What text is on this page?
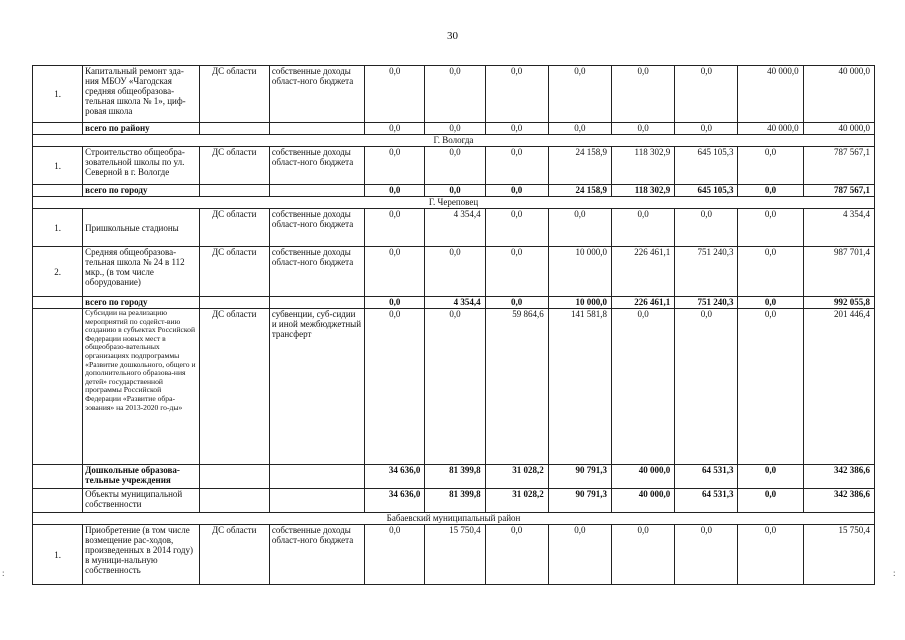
30
:	:
1.	Капитальный ремонт зда-ния МБОУ «Чагодская средняя общеобразова-тельная школа № 1», циф-ровая школа	ДС области	собственные доходы област-ного бюджета	0,0	0,0	0,0	0,0	0,0	0,0	40 000,0	40 000,0
	всего по району			0,0	0,0	0,0	0,0	0,0	0,0	40 000,0	40 000,0
Г. Вологда											
1.	Строительство общеобра-зовательной школы по ул. Северной в г. Вологде	ДС области	собственные доходы област-ного бюджета	0,0	0,0	0,0	24 158,9	118 302,9	645 105,3	0,0	787 567,1
	всего по городу			0,0	0,0	0,0	24 158,9	118 302,9	645 105,3	0,0	787 567,1
Г. Череповец											
1.	Пришкольные стадионы	ДС области	собственные доходы област-ного бюджета	0,0	4 354,4	0,0	0,0	0,0	0,0	0,0	4 354,4
2.	Средняя общеобразова-тельная школа № 24 в 112 мкр., (в том числе оборудование)	ДС области	собственные доходы област-ного бюджета	0,0	0,0	0,0	10 000,0	226 461,1	751 240,3	0,0	987 701,4
	всего по городу			0,0	4 354,4	0,0	10 000,0	226 461,1	751 240,3	0,0	992 055,8
	Субсидии на реализацию мероприятий по содейст-вию созданию в субъектах Российской Федерации новых мест в общеобразо-вательных организациях подпрограммы «Развитие дошкольного, общего и дополнительного образова-ния детей» государственной программы Российской Федерации «Развитие обра-зования» на 2013-2020 го-ды»	ДС области	субвенции, суб-сидии и иной межбюджетный трансферт	0,0	0,0	59 864,6	141 581,8	0,0	0,0	0,0	201 446,4
	Дошкольные образова-тельные учреждения			34 636,0	81 399,8	31 028,2	90 791,3	40 000,0	64 531,3	0,0	342 386,6
	Объекты муниципальной собственности			34 636,0	81 399,8	31 028,2	90 791,3	40 000,0	64 531,3	0,0	342 386,6
Бабаевский муниципальный район											
1.	Приобретение (в том числе возмещение рас-ходов, произведенных в 2014 году) в муници-нальную собственность	ДС области	собственные доходы област-ного бюджета	0,0	15 750,4	0,0	0,0	0,0	0,0	0,0	15 750,4
